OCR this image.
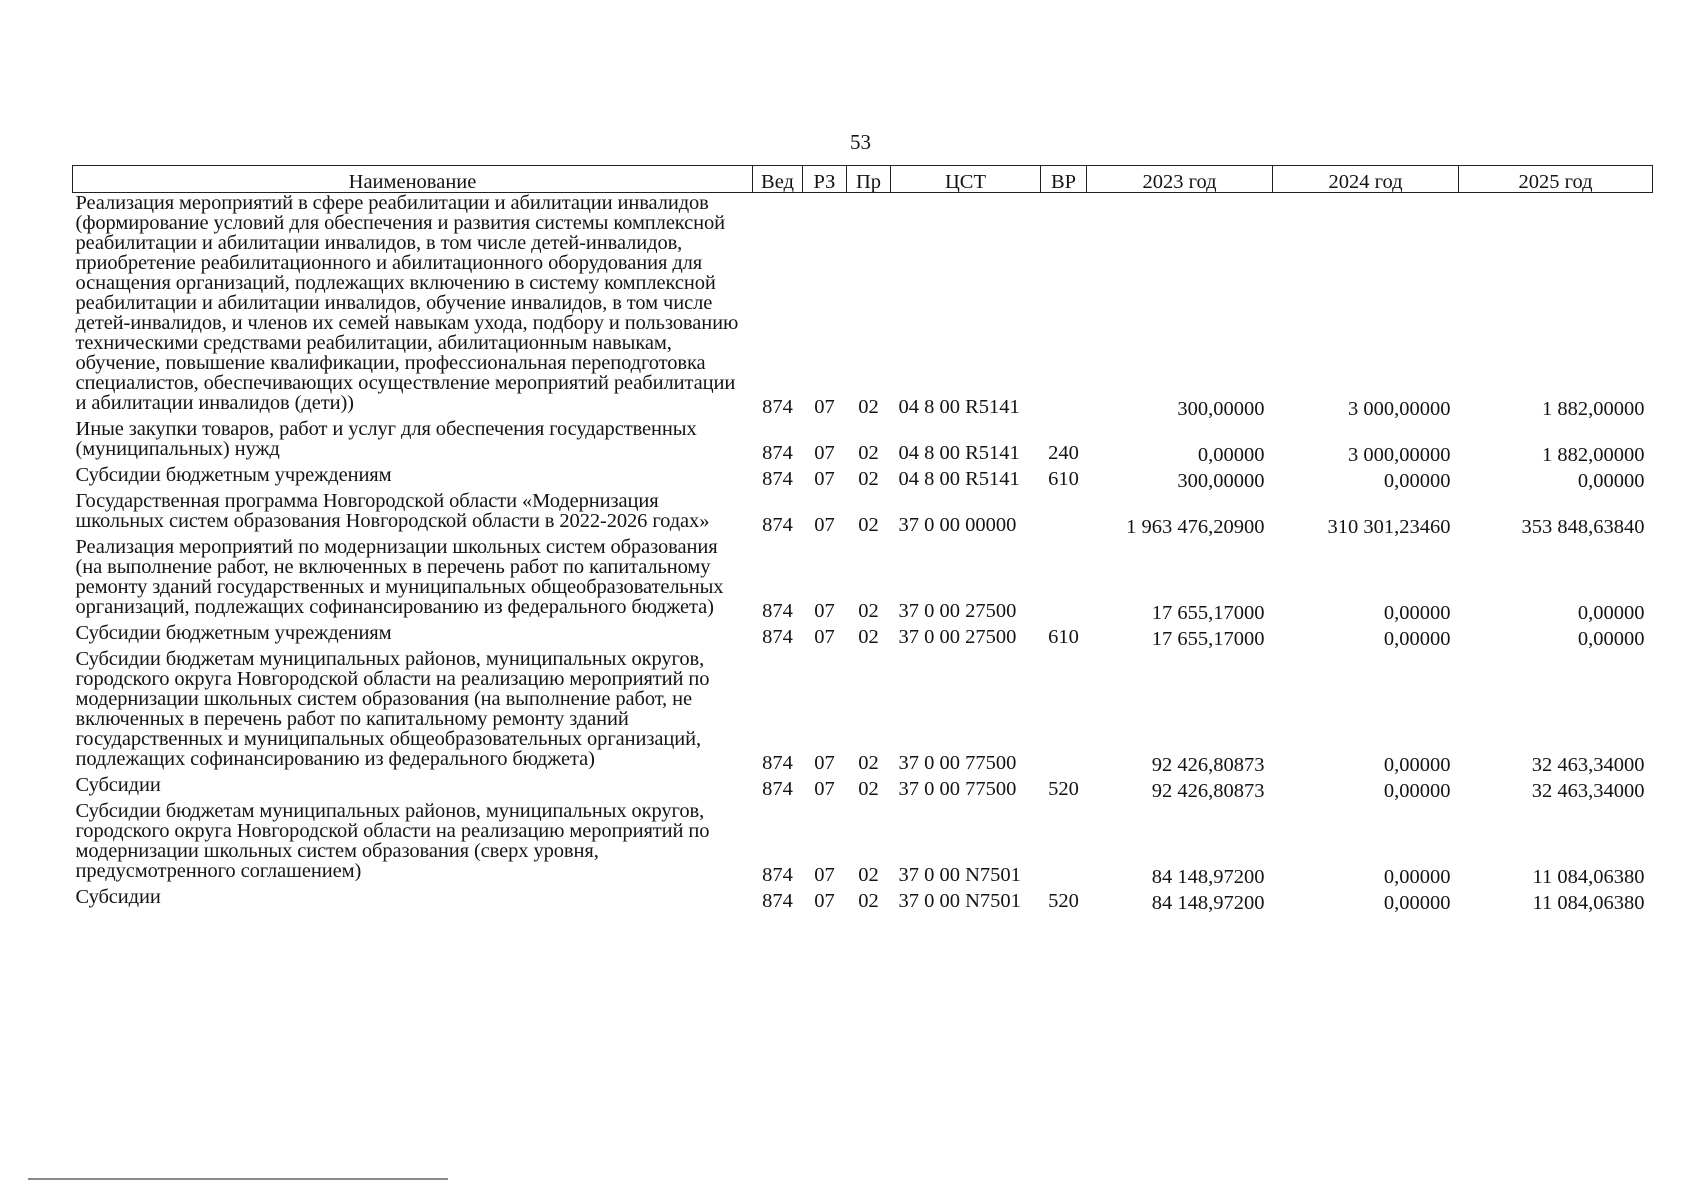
53
Наименование	Вед	РЗ	Пр	ЦСТ	ВР	2023 год	2024 год	2025 год
Реализация мероприятий в сфере реабилитации и абилитации инвалидов (формирование условий для обеспечения и развития системы комплексной реабилитации и абилитации инвалидов, в том числе детей-инвалидов, приобретение реабилитационного и абилитационного оборудования для оснащения организаций, подлежащих включению в систему комплексной реабилитации и абилитации инвалидов, обучение инвалидов, в том числе детей-инвалидов, и членов их семей навыкам ухода, подбору и пользованию техническими средствами реабилитации, абилитационным навыкам, обучение, повышение квалификации, профессиональная переподготовка специалистов, обеспечивающих осуществление мероприятий реабилитации и абилитации инвалидов (дети))	874	07	02	04 8 00 R5141		300,00000	3 000,00000	1 882,00000
Иные закупки товаров, работ и услуг для обеспечения государственных (муниципальных) нужд	874	07	02	04 8 00 R5141	240	0,00000	3 000,00000	1 882,00000
Субсидии бюджетным учреждениям	874	07	02	04 8 00 R5141	610	300,00000	0,00000	0,00000
Государственная программа Новгородской области «Модернизация школьных систем образования Новгородской области в 2022-2026 годах»	874	07	02	37 0 00 00000		1 963 476,20900	310 301,23460	353 848,63840
Реализация мероприятий по модернизации школьных систем образования (на выполнение работ, не включенных в перечень работ по капитальному ремонту зданий государственных и муниципальных общеобразовательных организаций, подлежащих софинансированию из федерального бюджета)	874	07	02	37 0 00 27500		17 655,17000	0,00000	0,00000
Субсидии бюджетным учреждениям	874	07	02	37 0 00 27500	610	17 655,17000	0,00000	0,00000
Субсидии бюджетам муниципальных районов, муниципальных округов, городского округа Новгородской области на реализацию мероприятий по модернизации школьных систем образования (на выполнение работ, не включенных в перечень работ по капитальному ремонту зданий государственных и муниципальных общеобразовательных организаций, подлежащих софинансированию из федерального бюджета)	874	07	02	37 0 00 77500		92 426,80873	0,00000	32 463,34000
Субсидии	874	07	02	37 0 00 77500	520	92 426,80873	0,00000	32 463,34000
Субсидии бюджетам муниципальных районов, муниципальных округов, городского округа Новгородской области на реализацию мероприятий по модернизации школьных систем образования (сверх уровня, предусмотренного соглашением)	874	07	02	37 0 00 N7501		84 148,97200	0,00000	11 084,06380
Субсидии	874	07	02	37 0 00 N7501	520	84 148,97200	0,00000	11 084,06380
